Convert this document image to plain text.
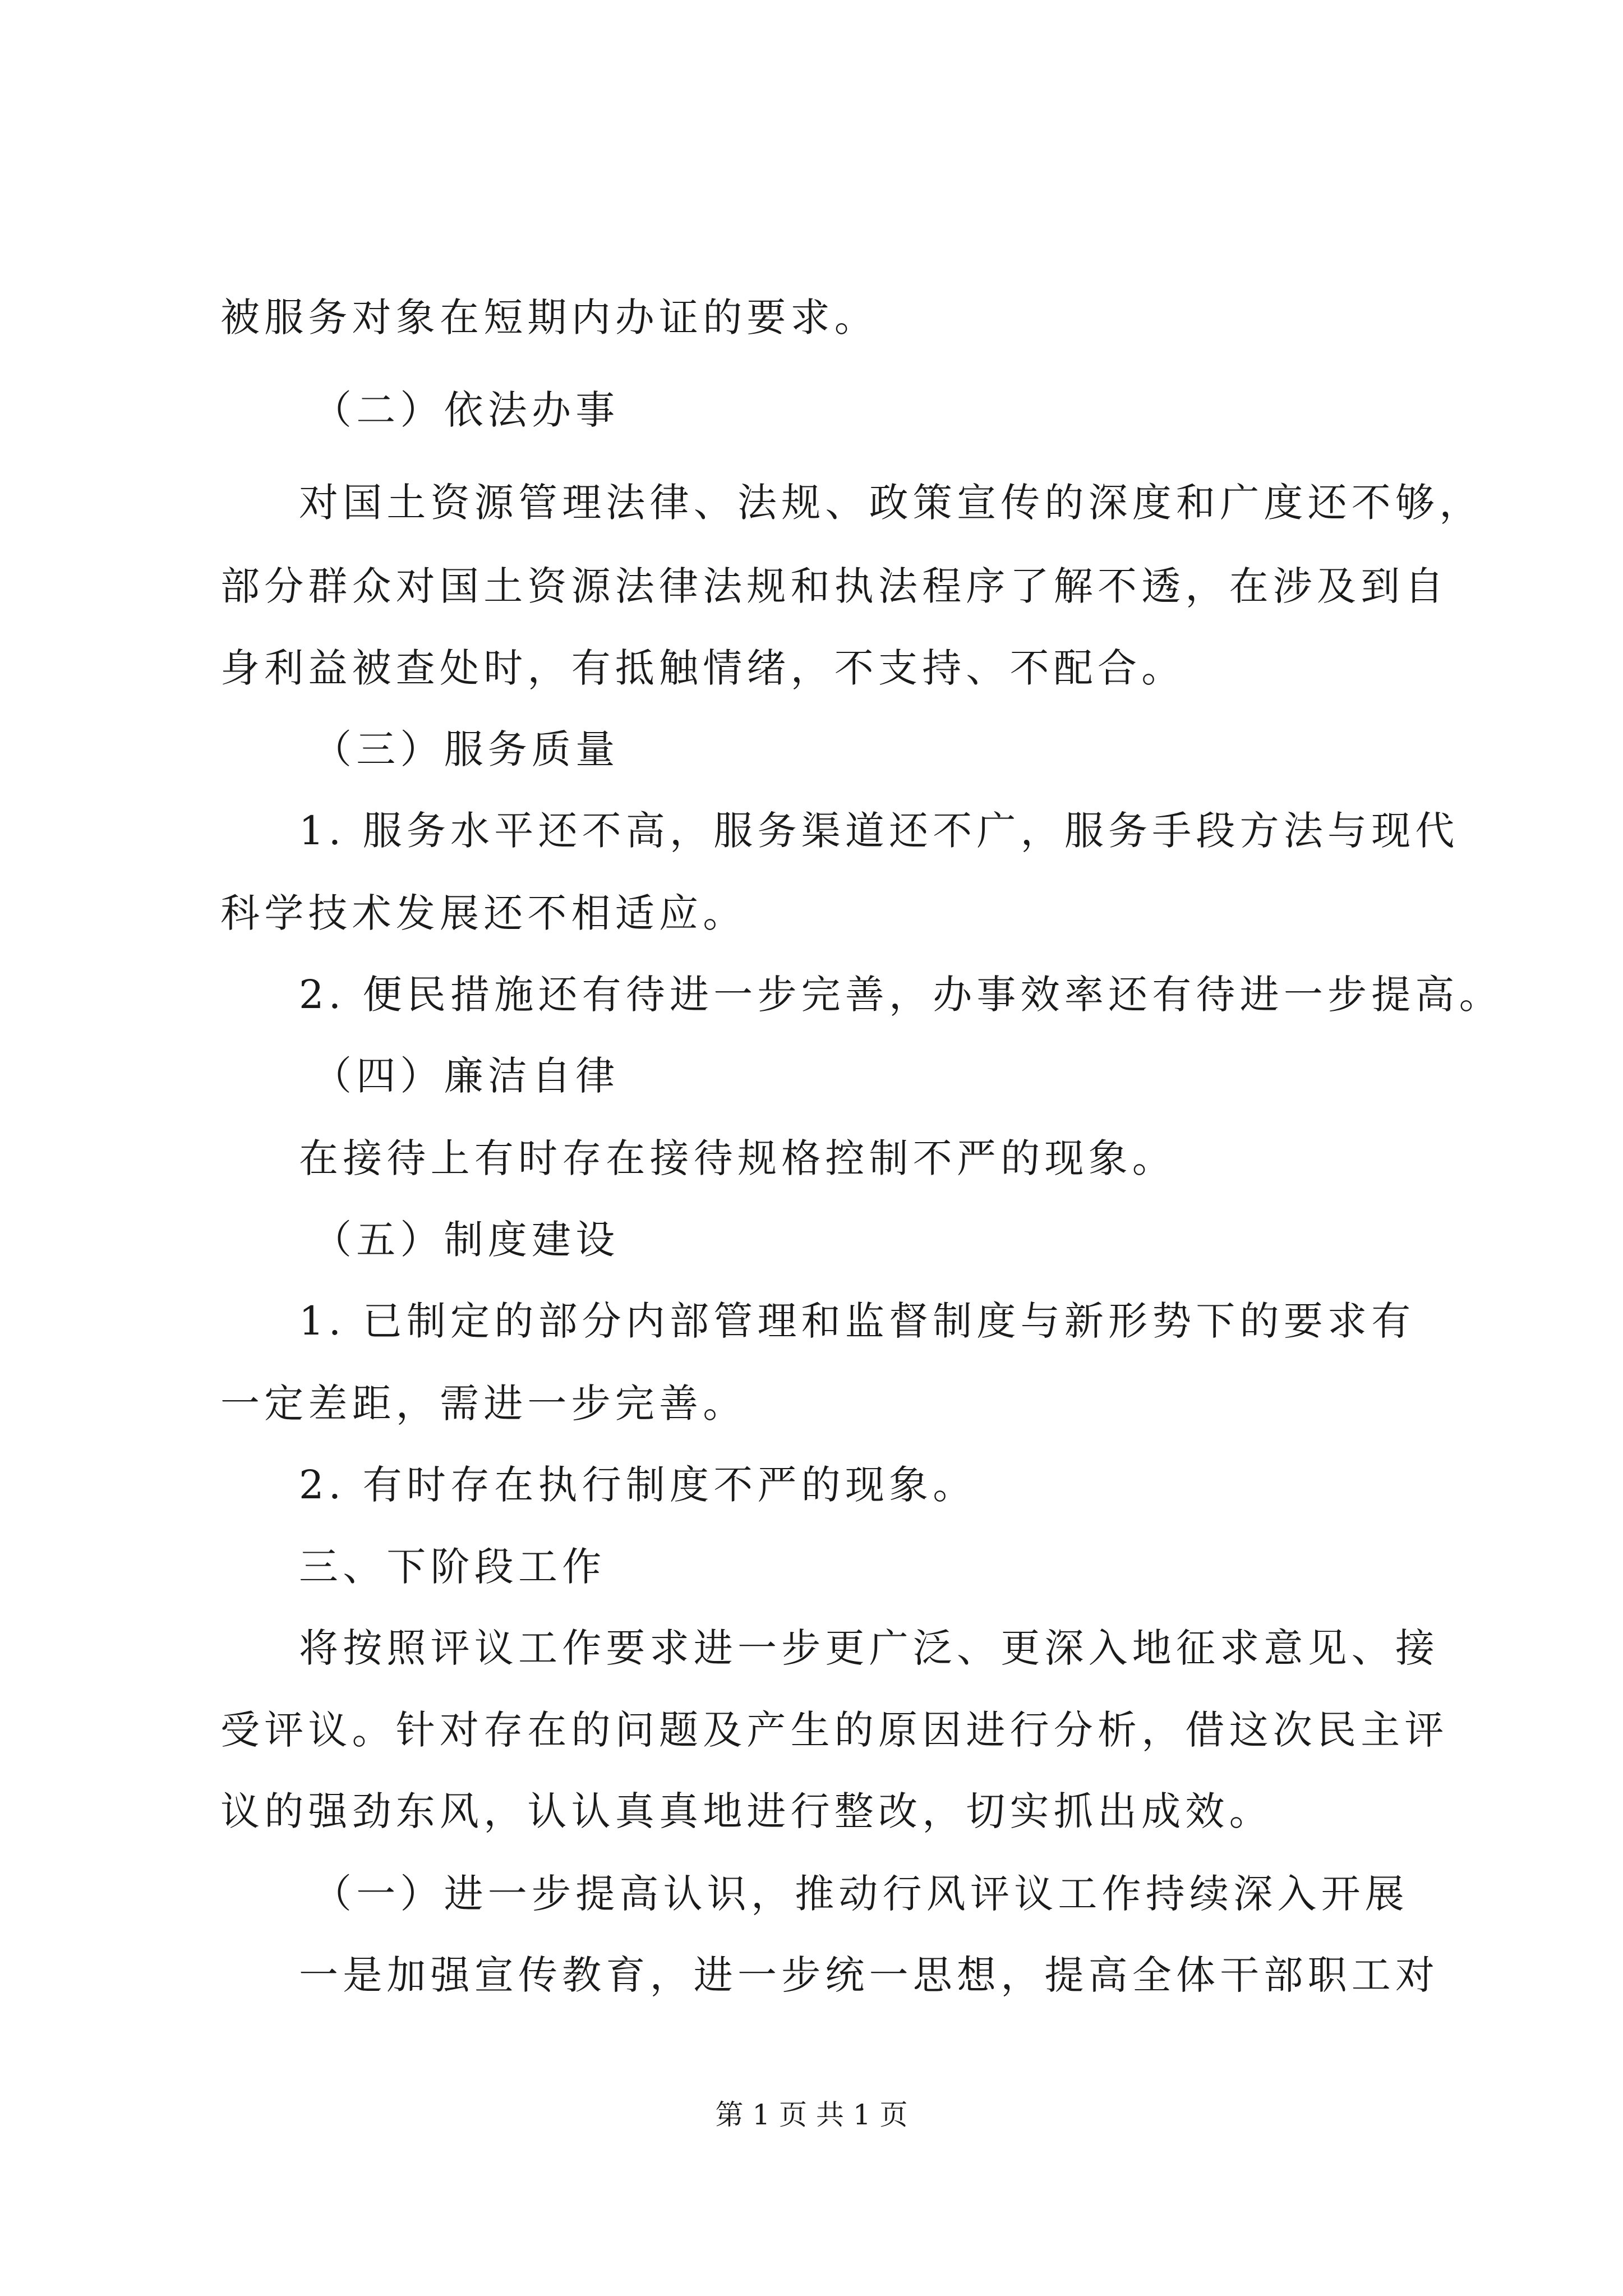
被服务对象在短期内办证的要求。
（二）依法办事
对国土资源管理法律、法规、政策宣传的深度和广度还不够，
部分群众对国土资源法律法规和执法程序了解不透，在涉及到自
身利益被查处时，有抵触情绪，不支持、不配合。
（三）服务质量
1. 服务水平还不高，服务渠道还不广，服务手段方法与现代
科学技术发展还不相适应。
2. 便民措施还有待进一步完善，办事效率还有待进一步提高。
（四）廉洁自律
在接待上有时存在接待规格控制不严的现象。
（五）制度建设
1. 已制定的部分内部管理和监督制度与新形势下的要求有
一定差距，需进一步完善。
2. 有时存在执行制度不严的现象。
三、下阶段工作
将按照评议工作要求进一步更广泛、更深入地征求意见、接
受评议。针对存在的问题及产生的原因进行分析，借这次民主评
议的强劲东风，认认真真地进行整改，切实抓出成效。
（一）进一步提高认识，推动行风评议工作持续深入开展
一是加强宣传教育，进一步统一思想，提高全体干部职工对
第 1 页 共 1 页
